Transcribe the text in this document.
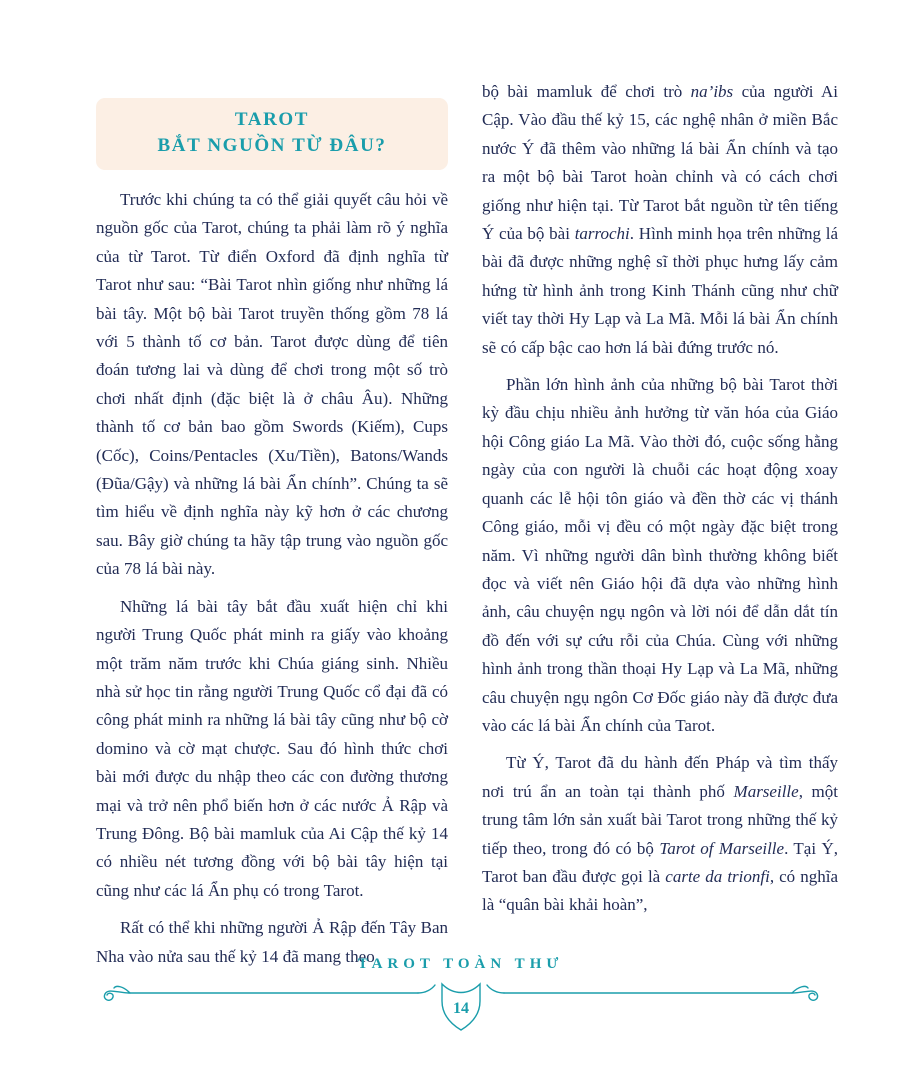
TAROT
BẮT NGUỒN TỪ ĐÂU?

Trước khi chúng ta có thể giải quyết câu hỏi về nguồn gốc của Tarot, chúng ta phải làm rõ ý nghĩa của từ Tarot. Từ điển Oxford đã định nghĩa từ Tarot như sau: “Bài Tarot nhìn giống như những lá bài tây. Một bộ bài Tarot truyền thống gồm 78 lá với 5 thành tố cơ bản. Tarot được dùng để tiên đoán tương lai và dùng để chơi trong một số trò chơi nhất định (đặc biệt là ở châu Âu). Những thành tố cơ bản bao gồm Swords (Kiếm), Cups (Cốc), Coins/Pentacles (Xu/Tiền), Batons/Wands (Đũa/Gậy) và những lá bài Ẩn chính”. Chúng ta sẽ tìm hiểu về định nghĩa này kỹ hơn ở các chương sau. Bây giờ chúng ta hãy tập trung vào nguồn gốc của 78 lá bài này.

Những lá bài tây bắt đầu xuất hiện chỉ khi người Trung Quốc phát minh ra giấy vào khoảng một trăm năm trước khi Chúa giáng sinh. Nhiều nhà sử học tin rằng người Trung Quốc cổ đại đã có công phát minh ra những lá bài tây cũng như bộ cờ domino và cờ mạt chược. Sau đó hình thức chơi bài mới được du nhập theo các con đường thương mại và trở nên phổ biến hơn ở các nước Ả Rập và Trung Đông. Bộ bài mamluk của Ai Cập thế kỷ 14 có nhiều nét tương đồng với bộ bài tây hiện tại cũng như các lá Ẩn phụ có trong Tarot.

Rất có thể khi những người Ả Rập đến Tây Ban Nha vào nửa sau thế kỷ 14 đã mang theo

bộ bài mamluk để chơi trò na’ibs của người Ai Cập. Vào đầu thế kỷ 15, các nghệ nhân ở miền Bắc nước Ý đã thêm vào những lá bài Ẩn chính và tạo ra một bộ bài Tarot hoàn chỉnh và có cách chơi giống như hiện tại. Từ Tarot bắt nguồn từ tên tiếng Ý của bộ bài tarrochi. Hình minh họa trên những lá bài đã được những nghệ sĩ thời phục hưng lấy cảm hứng từ hình ảnh trong Kinh Thánh cũng như chữ viết tay thời Hy Lạp và La Mã. Mỗi lá bài Ẩn chính sẽ có cấp bậc cao hơn lá bài đứng trước nó.

Phần lớn hình ảnh của những bộ bài Tarot thời kỳ đầu chịu nhiều ảnh hưởng từ văn hóa của Giáo hội Công giáo La Mã. Vào thời đó, cuộc sống hằng ngày của con người là chuỗi các hoạt động xoay quanh các lễ hội tôn giáo và đền thờ các vị thánh Công giáo, mỗi vị đều có một ngày đặc biệt trong năm. Vì những người dân bình thường không biết đọc và viết nên Giáo hội đã dựa vào những hình ảnh, câu chuyện ngụ ngôn và lời nói để dẫn dắt tín đồ đến với sự cứu rỗi của Chúa. Cùng với những hình ảnh trong thần thoại Hy Lạp và La Mã, những câu chuyện ngụ ngôn Cơ Đốc giáo này đã được đưa vào các lá bài Ẩn chính của Tarot.

Từ Ý, Tarot đã du hành đến Pháp và tìm thấy nơi trú ẩn an toàn tại thành phố Marseille, một trung tâm lớn sản xuất bài Tarot trong những thế kỷ tiếp theo, trong đó có bộ Tarot of Marseille. Tại Ý, Tarot ban đầu được gọi là carte da trionfi, có nghĩa là “quân bài khải hoàn”,

TAROT TOÀN THƯ
14
